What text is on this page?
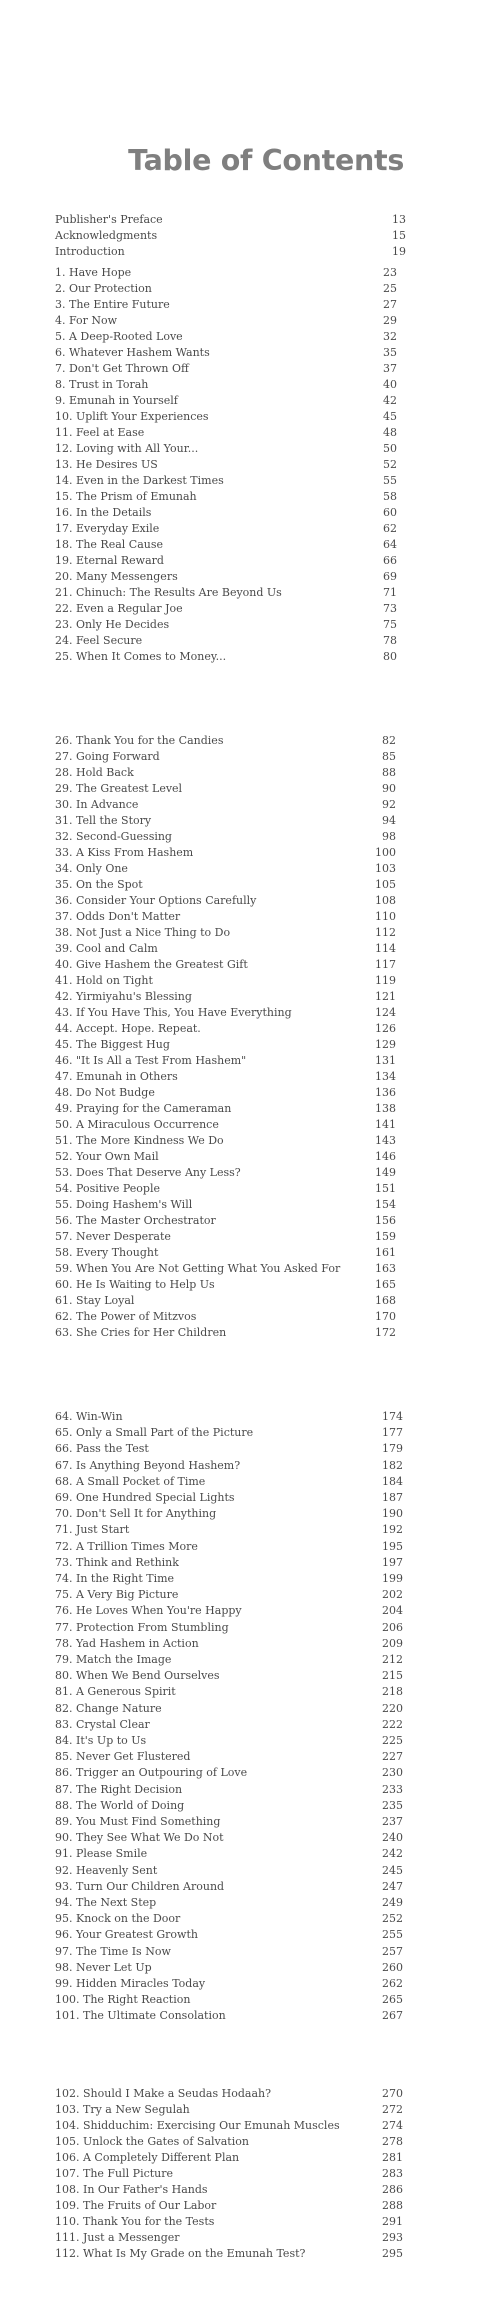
Table of Contents
Publisher's Preface	13
Acknowledgments	15
Introduction	19
1. Have Hope	23
2. Our Protection	25
3. The Entire Future	27
4. For Now	29
5. A Deep-Rooted Love	32
6. Whatever Hashem Wants	35
7. Don't Get Thrown Off	37
8. Trust in Torah	40
9. Emunah in Yourself	42
10. Uplift Your Experiences	45
11. Feel at Ease	48
12. Loving with All Your...	50
13. He Desires US	52
14. Even in the Darkest Times	55
15. The Prism of Emunah	58
16. In the Details	60
17. Everyday Exile	62
18. The Real Cause	64
19. Eternal Reward	66
20. Many Messengers	69
21. Chinuch: The Results Are Beyond Us	71
22. Even a Regular Joe	73
23. Only He Decides	75
24. Feel Secure	78
25. When It Comes to Money...	80
26. Thank You for the Candies	82
27. Going Forward	85
28. Hold Back	88
29. The Greatest Level	90
30. In Advance	92
31. Tell the Story	94
32. Second-Guessing	98
33. A Kiss From Hashem	100
34. Only One	103
35. On the Spot	105
36. Consider Your Options Carefully	108
37. Odds Don't Matter	110
38. Not Just a Nice Thing to Do	112
39. Cool and Calm	114
40. Give Hashem the Greatest Gift	117
41. Hold on Tight	119
42. Yirmiyahu's Blessing	121
43. If You Have This, You Have Everything	124
44. Accept. Hope. Repeat.	126
45. The Biggest Hug	129
46. "It Is All a Test From Hashem"	131
47. Emunah in Others	134
48. Do Not Budge	136
49. Praying for the Cameraman	138
50. A Miraculous Occurrence	141
51. The More Kindness We Do	143
52. Your Own Mail	146
53. Does That Deserve Any Less?	149
54. Positive People	151
55. Doing Hashem's Will	154
56. The Master Orchestrator	156
57. Never Desperate	159
58. Every Thought	161
59. When You Are Not Getting What You Asked For	163
60. He Is Waiting to Help Us	165
61. Stay Loyal	168
62. The Power of Mitzvos	170
63. She Cries for Her Children	172
64. Win-Win	174
65. Only a Small Part of the Picture	177
66. Pass the Test	179
67. Is Anything Beyond Hashem?	182
68. A Small Pocket of Time	184
69. One Hundred Special Lights	187
70. Don't Sell It for Anything	190
71. Just Start	192
72. A Trillion Times More	195
73. Think and Rethink	197
74. In the Right Time	199
75. A Very Big Picture	202
76. He Loves When You're Happy	204
77. Protection From Stumbling	206
78. Yad Hashem in Action	209
79. Match the Image	212
80. When We Bend Ourselves	215
81. A Generous Spirit	218
82. Change Nature	220
83. Crystal Clear	222
84. It's Up to Us	225
85. Never Get Flustered	227
86. Trigger an Outpouring of Love	230
87. The Right Decision	233
88. The World of Doing	235
89. You Must Find Something	237
90. They See What We Do Not	240
91. Please Smile	242
92. Heavenly Sent	245
93. Turn Our Children Around	247
94. The Next Step	249
95. Knock on the Door	252
96. Your Greatest Growth	255
97. The Time Is Now	257
98. Never Let Up	260
99. Hidden Miracles Today	262
100. The Right Reaction	265
101. The Ultimate Consolation	267
102. Should I Make a Seudas Hodaah?	270
103. Try a New Segulah	272
104. Shidduchim: Exercising Our Emunah Muscles	274
105. Unlock the Gates of Salvation	278
106. A Completely Different Plan	281
107. The Full Picture	283
108. In Our Father's Hands	286
109. The Fruits of Our Labor	288
110. Thank You for the Tests	291
111. Just a Messenger	293
112. What Is My Grade on the Emunah Test?	295
